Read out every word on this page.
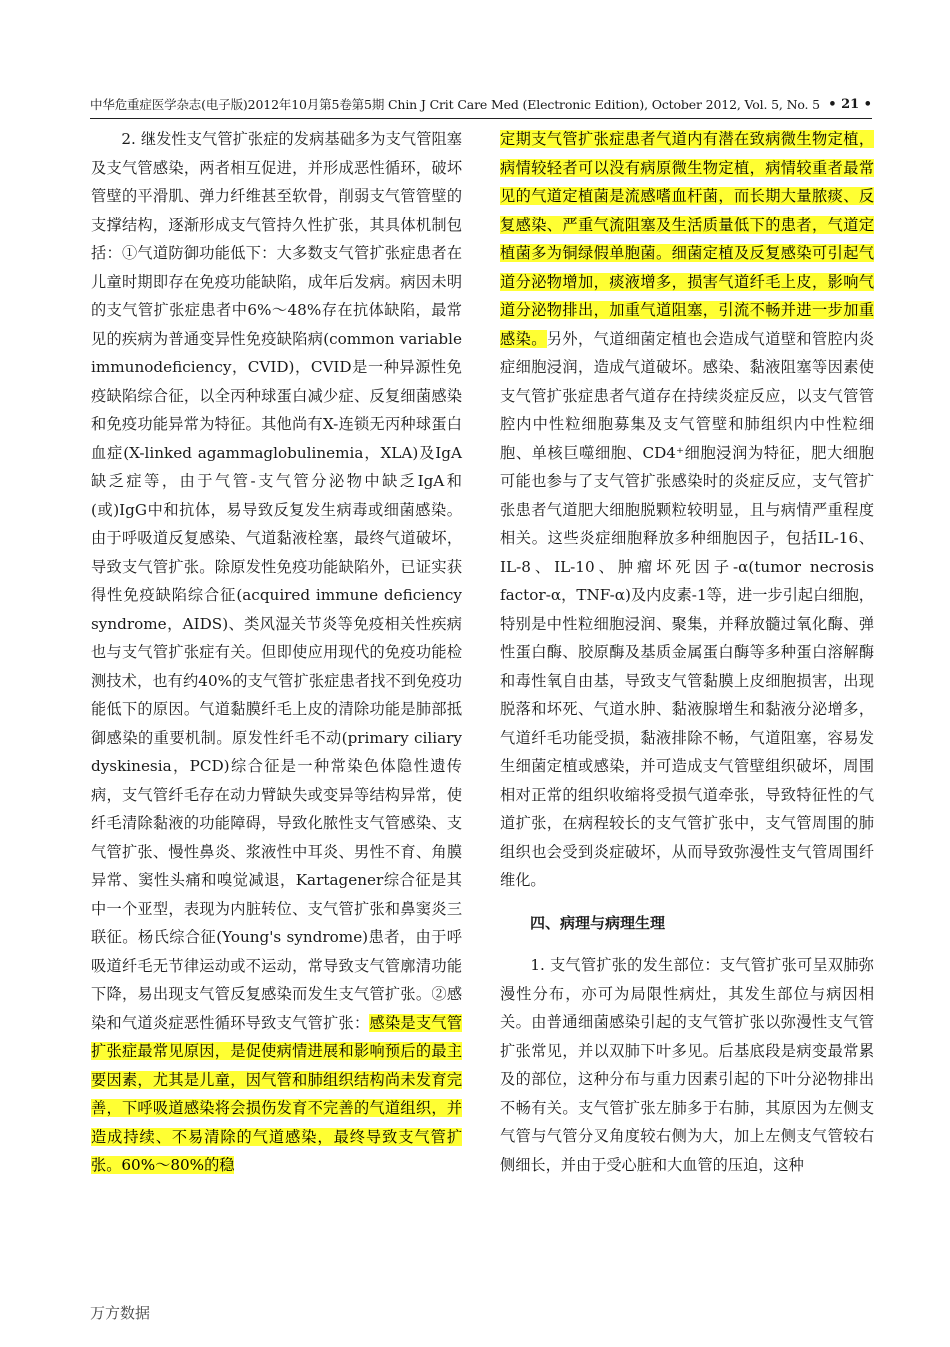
中华危重症医学杂志(电子版)2012年10月第5卷第5期 Chin J Crit Care Med (Electronic Edition), October 2012, Vol. 5, No. 5 • 21 •

2. 继发性支气管扩张症的发病基础多为支气管阻塞及支气管感染，两者相互促进，并形成恶性循环，破坏管壁的平滑肌、弹力纤维甚至软骨，削弱支气管管壁的支撑结构，逐渐形成支气管持久性扩张，其具体机制包括：①气道防御功能低下：大多数支气管扩张症患者在儿童时期即存在免疫功能缺陷，成年后发病。病因未明的支气管扩张症患者中6%～48%存在抗体缺陷，最常见的疾病为普通变异性免疫缺陷病(common variable immunodeficiency，CVID)，CVID是一种异源性免疫缺陷综合征，以全丙种球蛋白减少症、反复细菌感染和免疫功能异常为特征。其他尚有X-连锁无丙种球蛋白血症(X-linked agammaglobulinemia，XLA)及IgA缺乏症等，由于气管-支气管分泌物中缺乏IgA和(或)IgG中和抗体，易导致反复发生病毒或细菌感染。由于呼吸道反复感染、气道黏液栓塞，最终气道破坏，导致支气管扩张。除原发性免疫功能缺陷外，已证实获得性免疫缺陷综合征(acquired immune deficiency syndrome，AIDS)、类风湿关节炎等免疫相关性疾病也与支气管扩张症有关。但即使应用现代的免疫功能检测技术，也有约40%的支气管扩张症患者找不到免疫功能低下的原因。气道黏膜纤毛上皮的清除功能是肺部抵御感染的重要机制。原发性纤毛不动(primary ciliary dyskinesia，PCD)综合征是一种常染色体隐性遗传病，支气管纤毛存在动力臂缺失或变异等结构异常，使纤毛清除黏液的功能障碍，导致化脓性支气管感染、支气管扩张、慢性鼻炎、浆液性中耳炎、男性不育、角膜异常、窦性头痛和嗅觉减退，Kartagener综合征是其中一个亚型，表现为内脏转位、支气管扩张和鼻窦炎三联征。杨氏综合征(Young's syndrome)患者，由于呼吸道纤毛无节律运动或不运动，常导致支气管廓清功能下降，易出现支气管反复感染而发生支气管扩张。②感染和气道炎症恶性循环导致支气管扩张：感染是支气管扩张症最常见原因，是促使病情进展和影响预后的最主要因素，尤其是儿童，因气管和肺组织结构尚未发育完善，下呼吸道感染将会损伤发育不完善的气道组织，并造成持续、不易清除的气道感染，最终导致支气管扩张。60%～80%的稳

定期支气管扩张症患者气道内有潜在致病微生物定植，病情较轻者可以没有病原微生物定植，病情较重者最常见的气道定植菌是流感嗜血杆菌，而长期大量脓痰、反复感染、严重气流阻塞及生活质量低下的患者，气道定植菌多为铜绿假单胞菌。细菌定植及反复感染可引起气道分泌物增加，痰液增多，损害气道纤毛上皮，影响气道分泌物排出，加重气道阻塞，引流不畅并进一步加重感染。另外，气道细菌定植也会造成气道壁和管腔内炎症细胞浸润，造成气道破坏。感染、黏液阻塞等因素使支气管扩张症患者气道存在持续炎症反应，以支气管管腔内中性粒细胞募集及支气管壁和肺组织内中性粒细胞、单核巨噬细胞、CD4⁺细胞浸润为特征，肥大细胞可能也参与了支气管扩张感染时的炎症反应，支气管扩张患者气道肥大细胞脱颗粒较明显，且与病情严重程度相关。这些炎症细胞释放多种细胞因子，包括IL-16、IL-8、IL-10、肿瘤坏死因子-α(tumor necrosis factor-α，TNF-α)及内皮素-1等，进一步引起白细胞，特别是中性粒细胞浸润、聚集，并释放髓过氧化酶、弹性蛋白酶、胶原酶及基质金属蛋白酶等多种蛋白溶解酶和毒性氧自由基，导致支气管黏膜上皮细胞损害，出现脱落和坏死、气道水肿、黏液腺增生和黏液分泌增多，气道纤毛功能受损，黏液排除不畅，气道阻塞，容易发生细菌定植或感染，并可造成支气管壁组织破坏，周围相对正常的组织收缩将受损气道牵张，导致特征性的气道扩张，在病程较长的支气管扩张中，支气管周围的肺组织也会受到炎症破坏，从而导致弥漫性支气管周围纤维化。

四、病理与病理生理

1. 支气管扩张的发生部位：支气管扩张可呈双肺弥漫性分布，亦可为局限性病灶，其发生部位与病因相关。由普通细菌感染引起的支气管扩张以弥漫性支气管扩张常见，并以双肺下叶多见。后基底段是病变最常累及的部位，这种分布与重力因素引起的下叶分泌物排出不畅有关。支气管扩张左肺多于右肺，其原因为左侧支气管与气管分叉角度较右侧为大，加上左侧支气管较右侧细长，并由于受心脏和大血管的压迫，这种

万方数据
